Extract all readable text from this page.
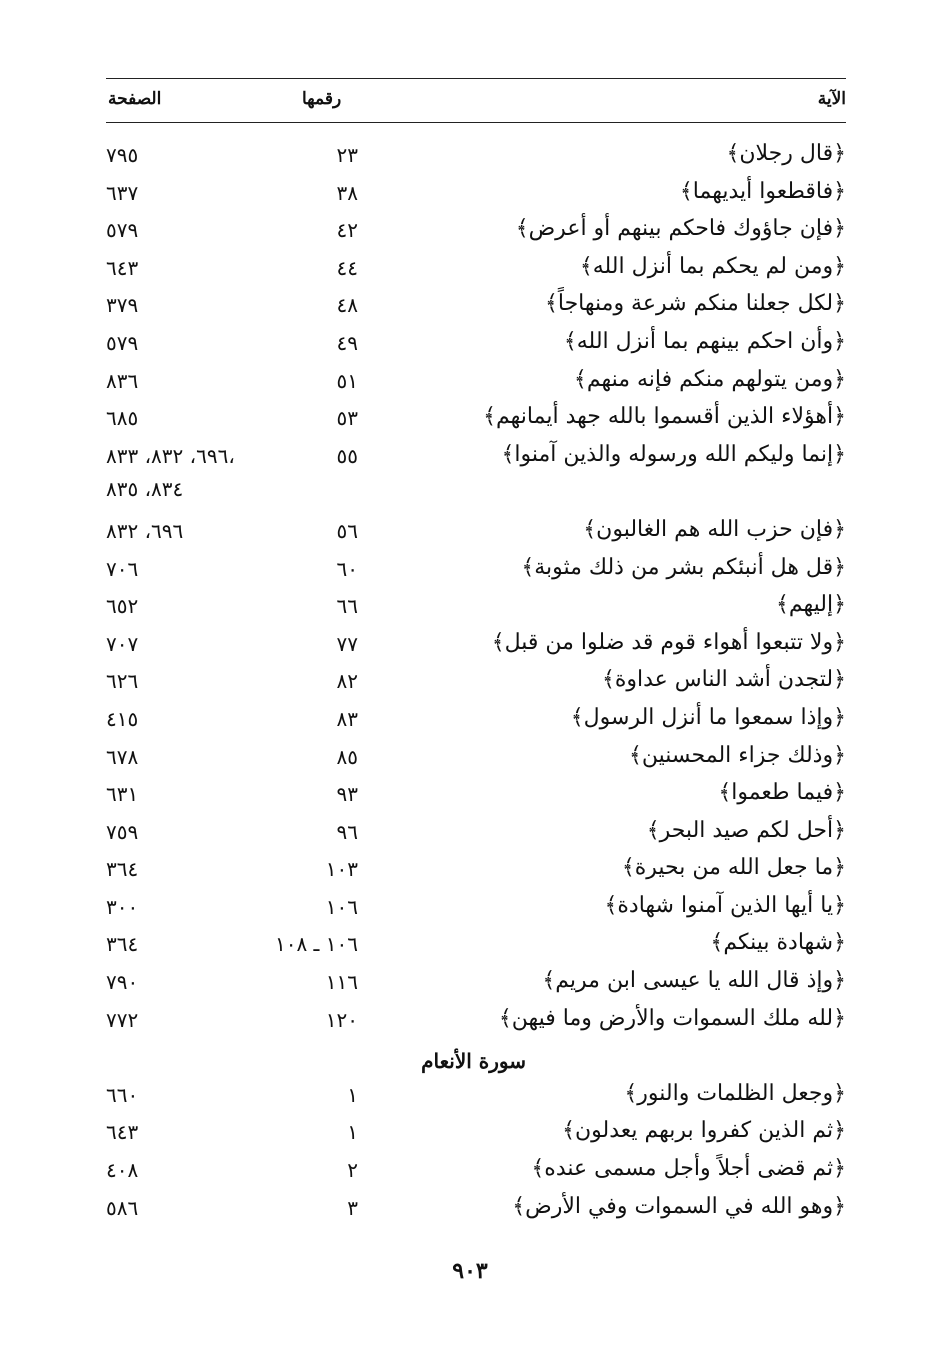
الآية
رقمها
الصفحة
﴿قال رجلان﴾
٢٣
٧٩٥
﴿فاقطعوا أيديهما﴾
٣٨
٦٣٧
﴿فإن جاؤوك فاحكم بينهم أو أعرض﴾
٤٢
٥٧٩
﴿ومن لم يحكم بما أنزل الله﴾
٤٤
٦٤٣
﴿لكل جعلنا منكم شرعة ومنهاجاً﴾
٤٨
٣٧٩
﴿وأن احكم بينهم بما أنزل الله﴾
٤٩
٥٧٩
﴿ومن يتولهم منكم فإنه منهم﴾
٥١
٨٣٦
﴿أهؤلاء الذين أقسموا بالله جهد أيمانهم﴾
٥٣
٦٨٥
﴿إنما وليكم الله ورسوله والذين آمنوا﴾
٥٥
٦٩٦، ٨٣٢، ٨٣٣،
٨٣٤، ٨٣٥
﴿فإن حزب الله هم الغالبون﴾
٥٦
٦٩٦، ٨٣٢
﴿قل هل أنبئكم بشر من ذلك مثوبة﴾
٦٠
٧٠٦
﴿إليهم﴾
٦٦
٦٥٢
﴿ولا تتبعوا أهواء قوم قد ضلوا من قبل﴾
٧٧
٧٠٧
﴿لتجدن أشد الناس عداوة﴾
٨٢
٦٢٦
﴿وإذا سمعوا ما أنزل الرسول﴾
٨٣
٤١٥
﴿وذلك جزاء المحسنين﴾
٨٥
٦٧٨
﴿فيما طعموا﴾
٩٣
٦٣١
﴿أحل لكم صيد البحر﴾
٩٦
٧٥٩
﴿ما جعل الله من بحيرة﴾
١٠٣
٣٦٤
﴿يا أيها الذين آمنوا شهادة﴾
١٠٦
٣٠٠
﴿شهادة بينكم﴾
١٠٦ ـ ١٠٨
٣٦٤
﴿وإذ قال الله يا عيسى ابن مريم﴾
١١٦
٧٩٠
﴿لله ملك السموات والأرض وما فيهن﴾
١٢٠
٧٧٢
سورة الأنعام
﴿وجعل الظلمات والنور﴾
١
٦٦٠
﴿ثم الذين كفروا بربهم يعدلون﴾
١
٦٤٣
﴿ثم قضى أجلاً وأجل مسمى عنده﴾
٢
٤٠٨
﴿وهو الله في السموات وفي الأرض﴾
٣
٥٨٦
٩٠٣
